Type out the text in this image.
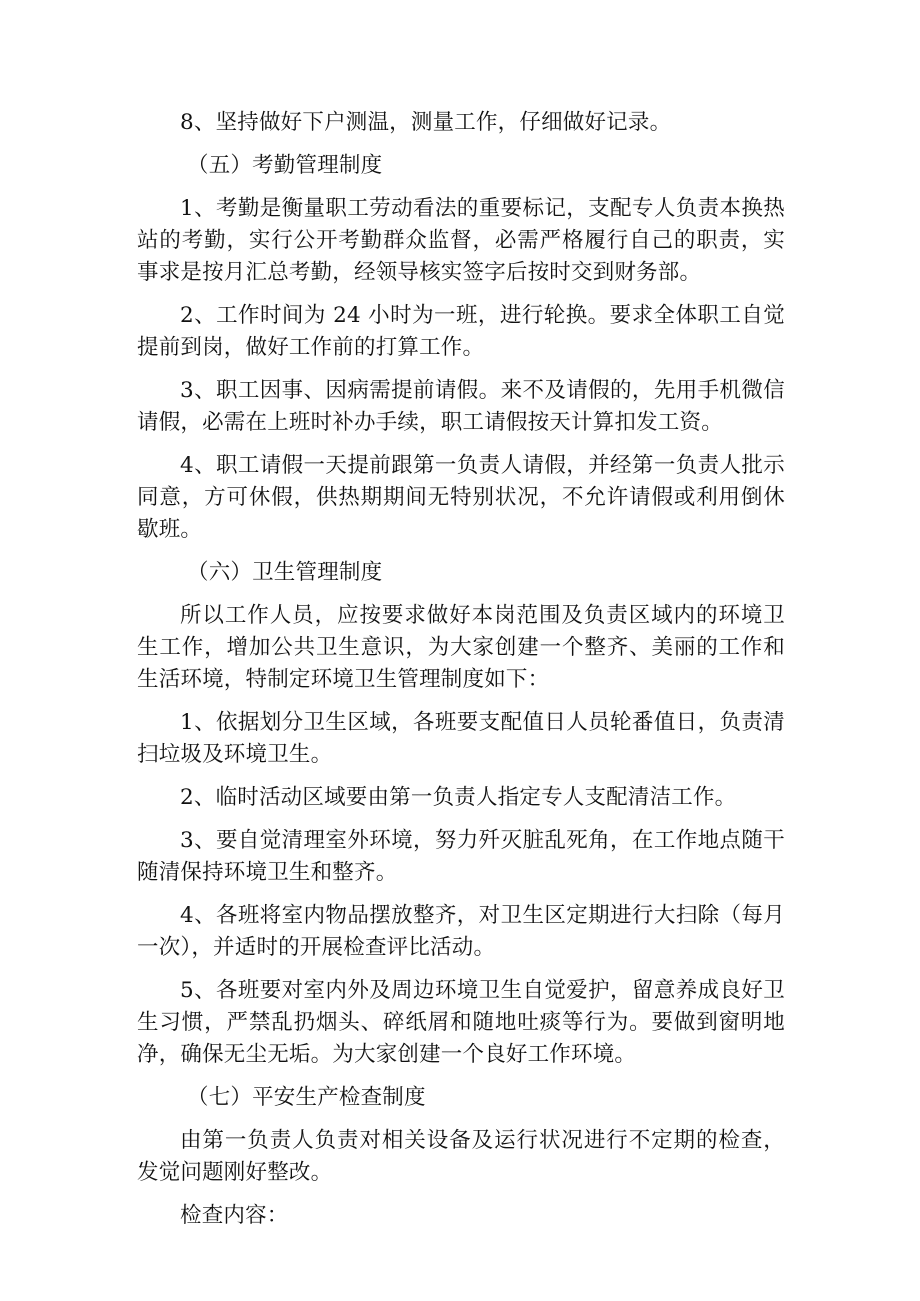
8、坚持做好下户测温，测量工作，仔细做好记录。

（五）考勤管理制度

1、考勤是衡量职工劳动看法的重要标记，支配专人负责本换热站的考勤，实行公开考勤群众监督，必需严格履行自己的职责，实事求是按月汇总考勤，经领导核实签字后按时交到财务部。

2、工作时间为 24 小时为一班，进行轮换。要求全体职工自觉提前到岗，做好工作前的打算工作。

3、职工因事、因病需提前请假。来不及请假的，先用手机微信请假，必需在上班时补办手续，职工请假按天计算扣发工资。

4、职工请假一天提前跟第一负责人请假，并经第一负责人批示同意，方可休假，供热期期间无特别状况，不允许请假或利用倒休歇班。

（六）卫生管理制度

所以工作人员，应按要求做好本岗范围及负责区域内的环境卫生工作，增加公共卫生意识，为大家创建一个整齐、美丽的工作和生活环境，特制定环境卫生管理制度如下：

1、依据划分卫生区域，各班要支配值日人员轮番值日，负责清扫垃圾及环境卫生。

2、临时活动区域要由第一负责人指定专人支配清洁工作。

3、要自觉清理室外环境，努力歼灭脏乱死角，在工作地点随干随清保持环境卫生和整齐。

4、各班将室内物品摆放整齐，对卫生区定期进行大扫除（每月一次），并适时的开展检查评比活动。

5、各班要对室内外及周边环境卫生自觉爱护，留意养成良好卫生习惯，严禁乱扔烟头、碎纸屑和随地吐痰等行为。要做到窗明地净，确保无尘无垢。为大家创建一个良好工作环境。

（七）平安生产检查制度

由第一负责人负责对相关设备及运行状况进行不定期的检查，发觉问题刚好整改。

检查内容：
